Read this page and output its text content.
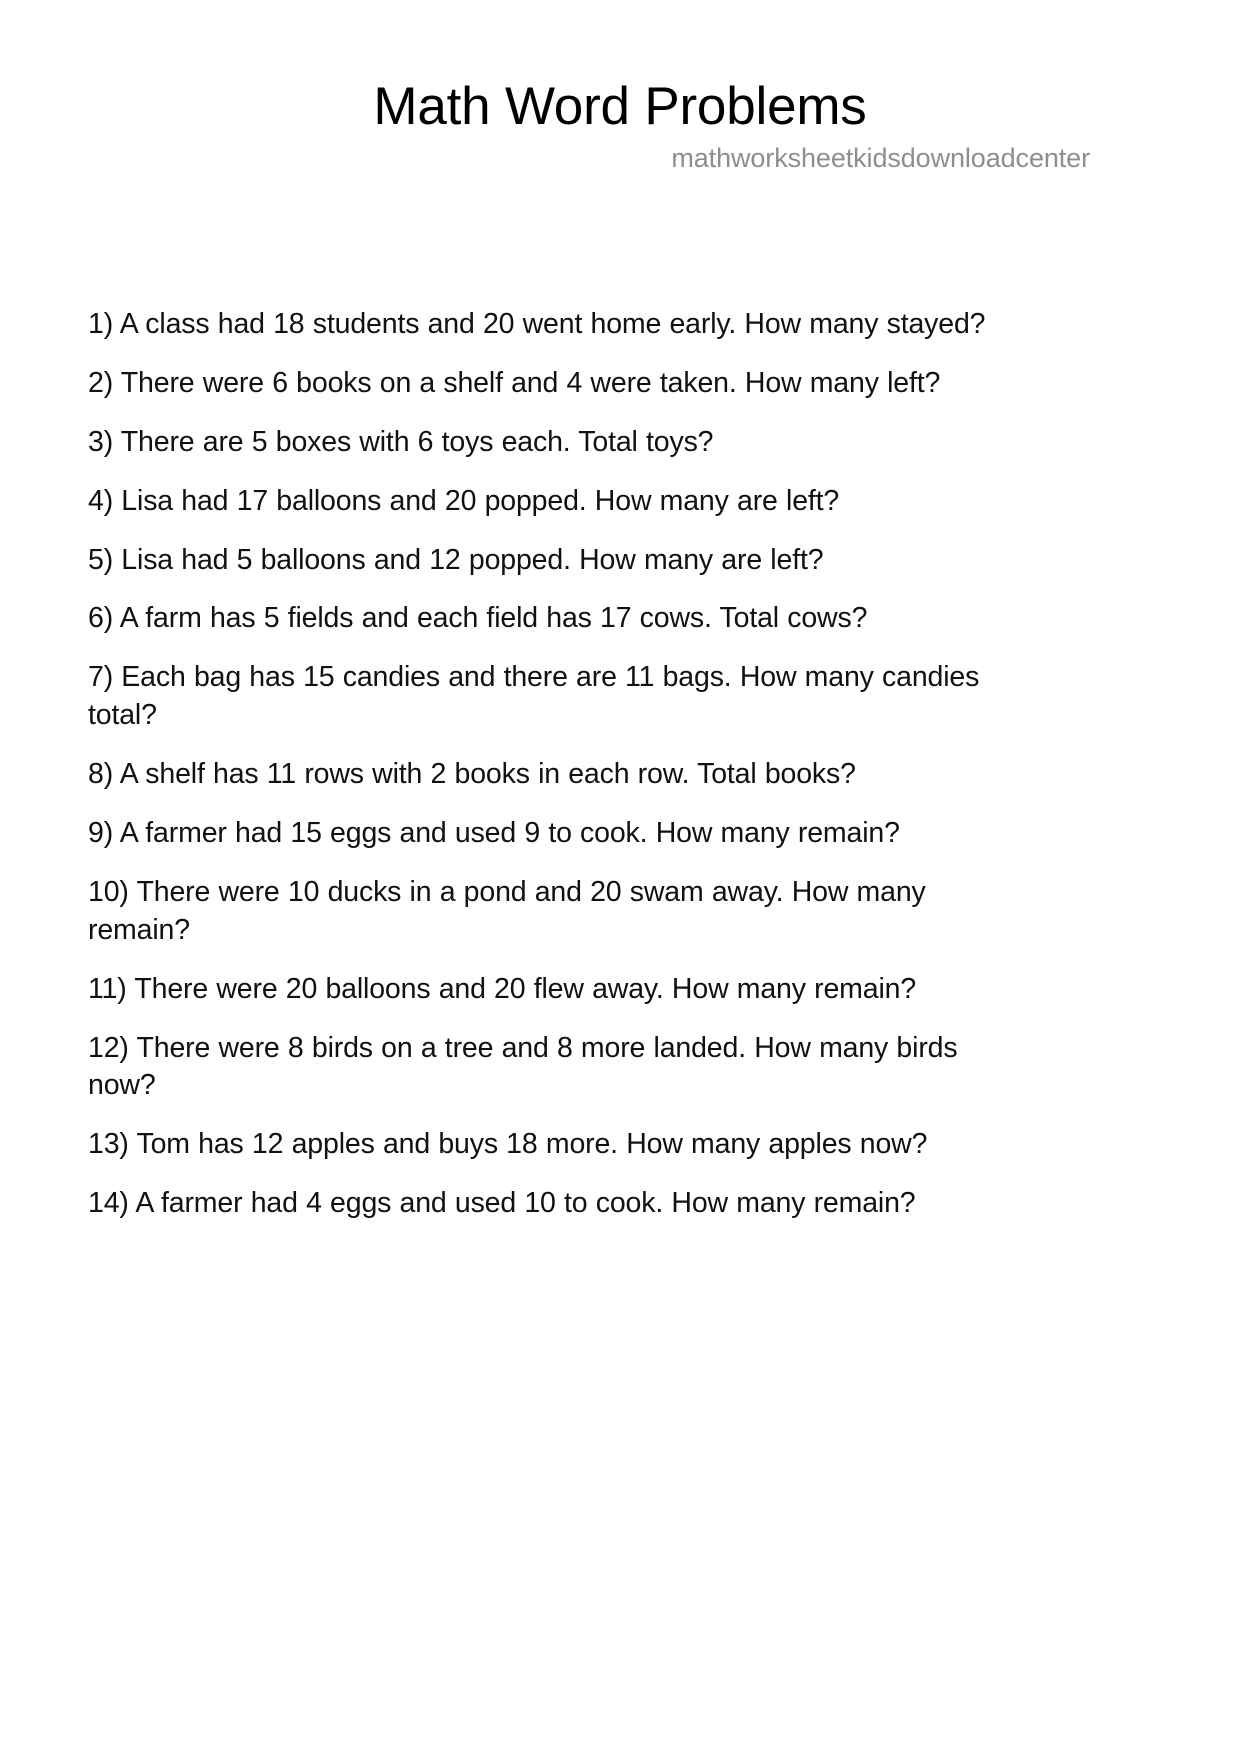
Math Word Problems
mathworksheetkidsdownloadcenter
1) A class had 18 students and 20 went home early. How many stayed?
2) There were 6 books on a shelf and 4 were taken. How many left?
3) There are 5 boxes with 6 toys each. Total toys?
4) Lisa had 17 balloons and 20 popped. How many are left?
5) Lisa had 5 balloons and 12 popped. How many are left?
6) A farm has 5 fields and each field has 17 cows. Total cows?
7) Each bag has 15 candies and there are 11 bags. How many candies total?
8) A shelf has 11 rows with 2 books in each row. Total books?
9) A farmer had 15 eggs and used 9 to cook. How many remain?
10) There were 10 ducks in a pond and 20 swam away. How many remain?
11) There were 20 balloons and 20 flew away. How many remain?
12) There were 8 birds on a tree and 8 more landed. How many birds now?
13) Tom has 12 apples and buys 18 more. How many apples now?
14) A farmer had 4 eggs and used 10 to cook. How many remain?
